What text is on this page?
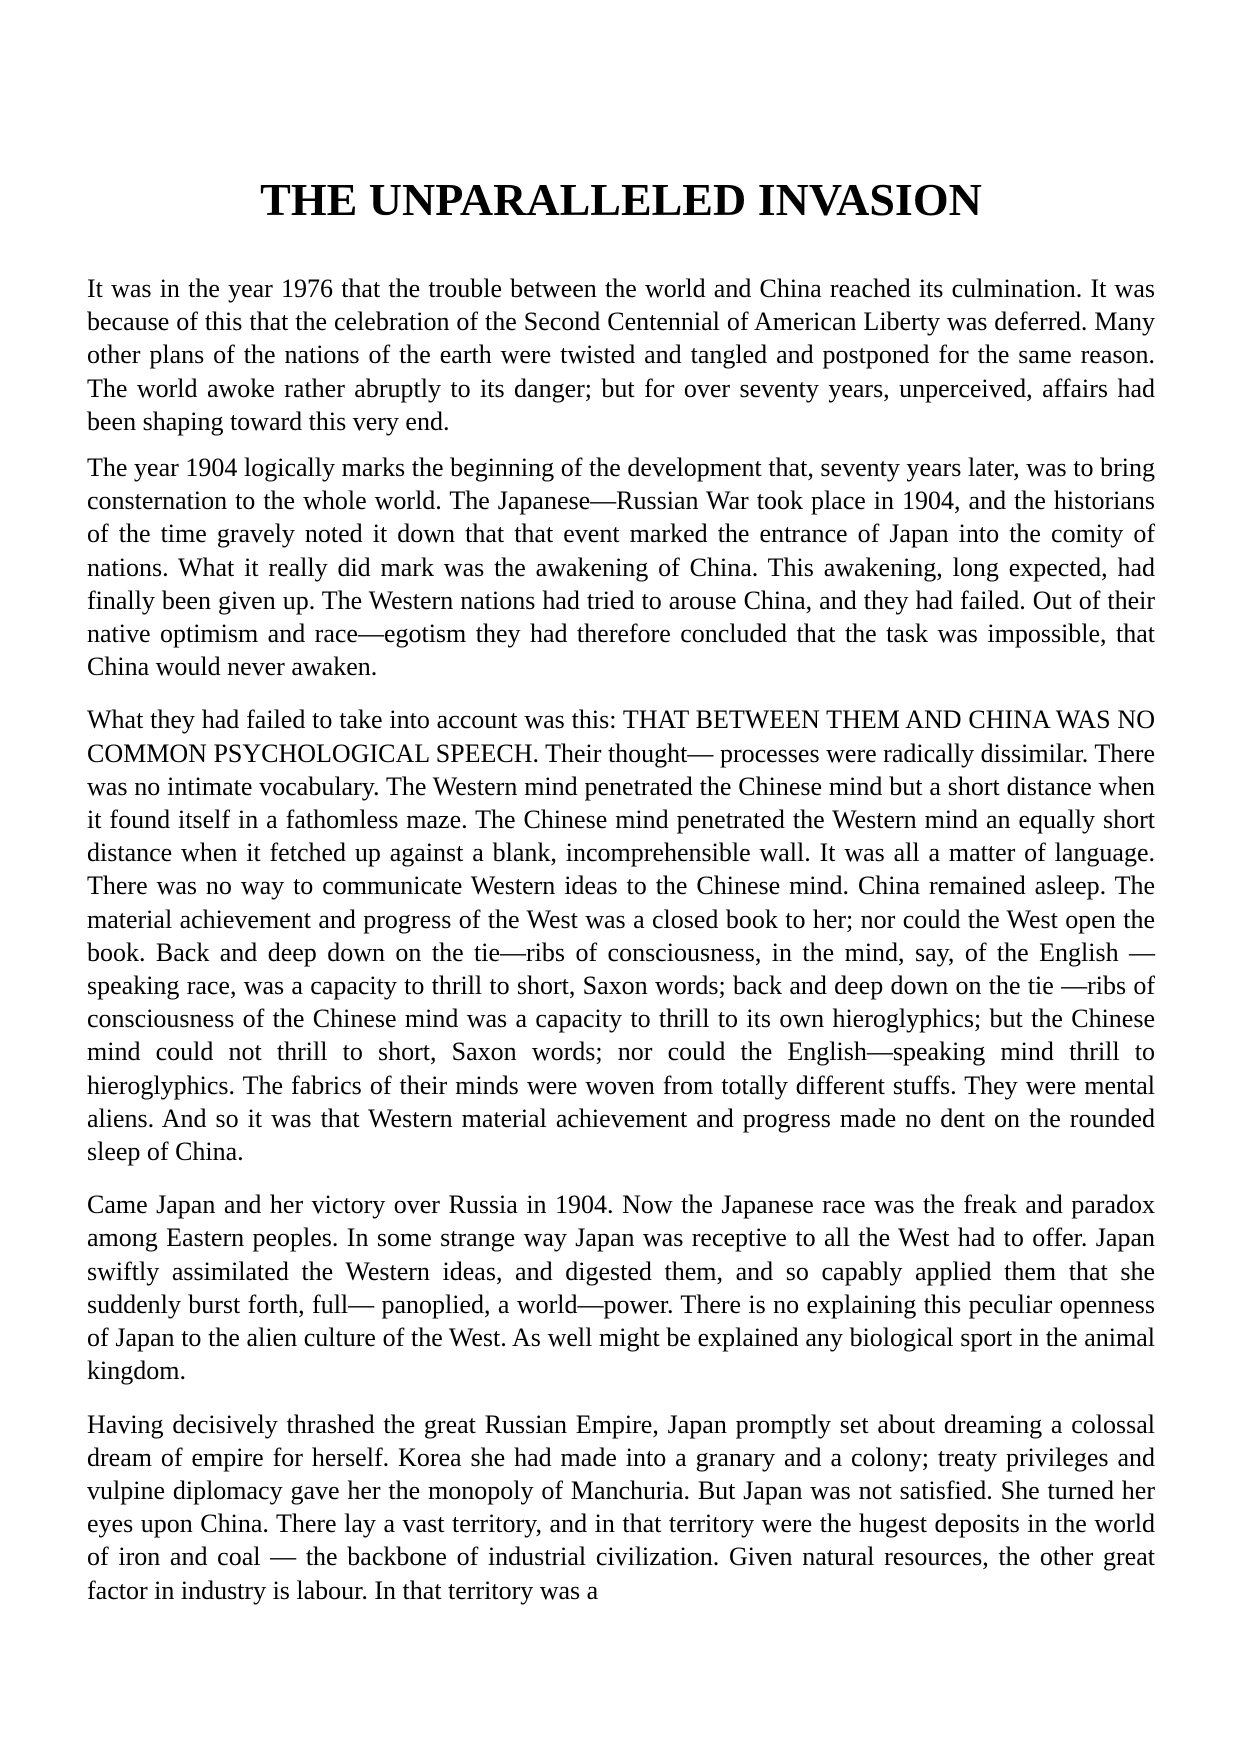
THE UNPARALLELED INVASION

It was in the year 1976 that the trouble between the world and China reached its culmination. It was because of this that the celebration of the Second Centennial of American Liberty was deferred. Many other plans of the nations of the earth were twisted and tangled and postponed for the same reason. The world awoke rather abruptly to its danger; but for over seventy years, unperceived, affairs had been shaping toward this very end.

The year 1904 logically marks the beginning of the development that, seventy years later, was to bring consternation to the whole world. The Japanese—Russian War took place in 1904, and the historians of the time gravely noted it down that that event marked the entrance of Japan into the comity of nations. What it really did mark was the awakening of China. This awakening, long expected, had finally been given up. The Western nations had tried to arouse China, and they had failed. Out of their native optimism and race—egotism they had therefore concluded that the task was impossible, that China would never awaken.

What they had failed to take into account was this: THAT BETWEEN THEM AND CHINA WAS NO COMMON PSYCHOLOGICAL SPEECH. Their thought— processes were radically dissimilar. There was no intimate vocabulary. The Western mind penetrated the Chinese mind but a short distance when it found itself in a fathomless maze. The Chinese mind penetrated the Western mind an equally short distance when it fetched up against a blank, incomprehensible wall. It was all a matter of language. There was no way to communicate Western ideas to the Chinese mind. China remained asleep. The material achievement and progress of the West was a closed book to her; nor could the West open the book. Back and deep down on the tie—ribs of consciousness, in the mind, say, of the English —speaking race, was a capacity to thrill to short, Saxon words; back and deep down on the tie —ribs of consciousness of the Chinese mind was a capacity to thrill to its own hieroglyphics; but the Chinese mind could not thrill to short, Saxon words; nor could the English—speaking mind thrill to hieroglyphics. The fabrics of their minds were woven from totally different stuffs. They were mental aliens. And so it was that Western material achievement and progress made no dent on the rounded sleep of China.

Came Japan and her victory over Russia in 1904. Now the Japanese race was the freak and paradox among Eastern peoples. In some strange way Japan was receptive to all the West had to offer. Japan swiftly assimilated the Western ideas, and digested them, and so capably applied them that she suddenly burst forth, full— panoplied, a world—power. There is no explaining this peculiar openness of Japan to the alien culture of the West. As well might be explained any biological sport in the animal kingdom.

Having decisively thrashed the great Russian Empire, Japan promptly set about dreaming a colossal dream of empire for herself. Korea she had made into a granary and a colony; treaty privileges and vulpine diplomacy gave her the monopoly of Manchuria. But Japan was not satisfied. She turned her eyes upon China. There lay a vast territory, and in that territory were the hugest deposits in the world of iron and coal — the backbone of industrial civilization. Given natural resources, the other great factor in industry is labour. In that territory was a
